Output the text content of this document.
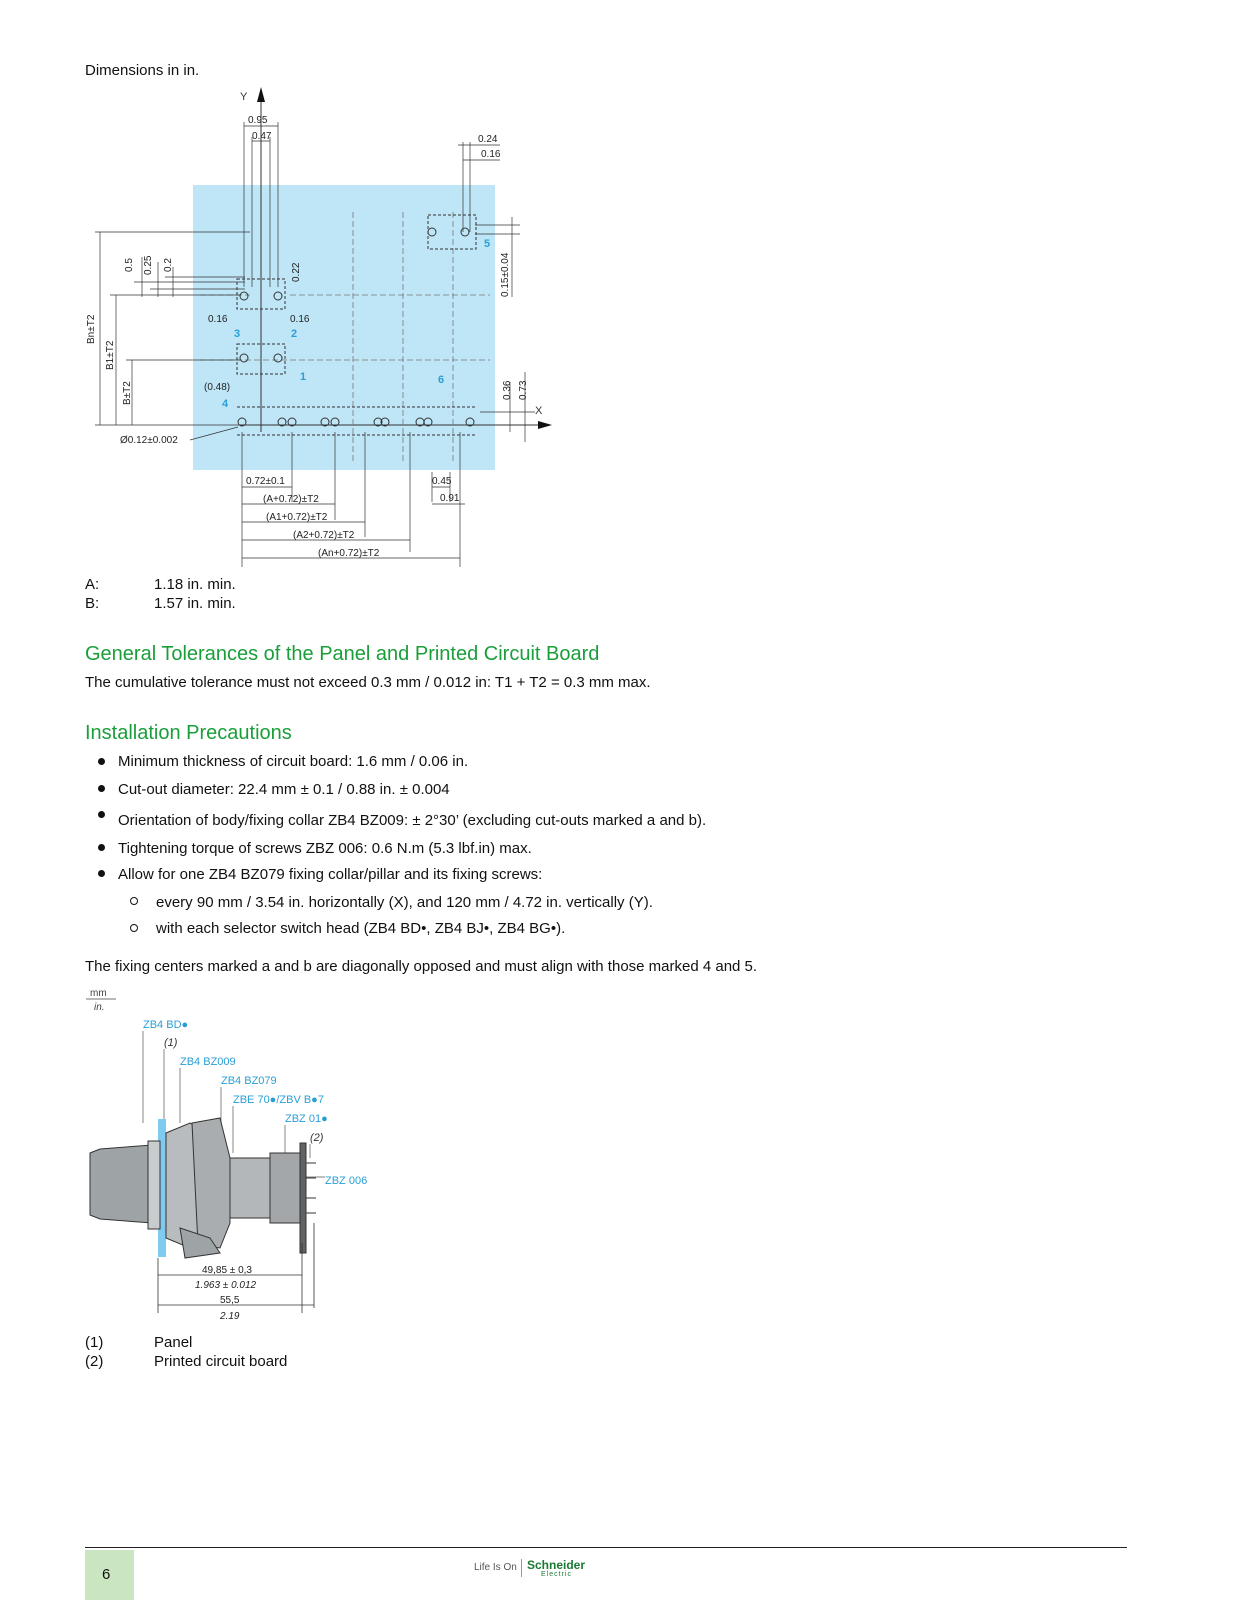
Dimensions in in.
Y
X
0.95
0.47	0.24
0.16
Bn±T2
B1±T2
B±T2
0.5 0.25 0.2	0.22	0.15±0.04
0.36 0.73
0.16	0.16
(0.48)
Ø0.12±0.002
1
2
3
4
5
6
0.72±0.1
(A+0.72)±T2
(A1+0.72)±T2
(A2+0.72)±T2
(An+0.72)±T2
0.45
0.91
A:	1.18 in. min.
B:	1.57 in. min.
General Tolerances of the Panel and Printed Circuit Board
The cumulative tolerance must not exceed 0.3 mm / 0.012 in: T1 + T2 = 0.3 mm max.
Installation Precautions
Minimum thickness of circuit board: 1.6 mm / 0.06 in.
Cut-out diameter: 22.4 mm ± 0.1 / 0.88 in. ± 0.004
Orientation of body/fixing collar ZB4 BZ009: ± 2°30’ (excluding cut-outs marked a and b).
Tightening torque of screws ZBZ 006: 0.6 N.m (5.3 lbf.in) max.
Allow for one ZB4 BZ079 fixing collar/pillar and its fixing screws:
every 90 mm / 3.54 in. horizontally (X), and 120 mm / 4.72 in. vertically (Y).
with each selector switch head (ZB4 BD•, ZB4 BJ•, ZB4 BG•).
The fixing centers marked a and b are diagonally opposed and must align with those marked 4 and 5.
mm
in.
ZB4 BD●
ZB4 BZ009
ZB4 BZ079
ZBE 70●/ZBV B●7
ZBZ 01●
ZBZ 006
(1)
(2)
49,85 ± 0,3
1.963 ± 0.012
55,5
2.19
(1)	Panel
(2)	Printed circuit board
6	Life Is On Schneider
Electric
